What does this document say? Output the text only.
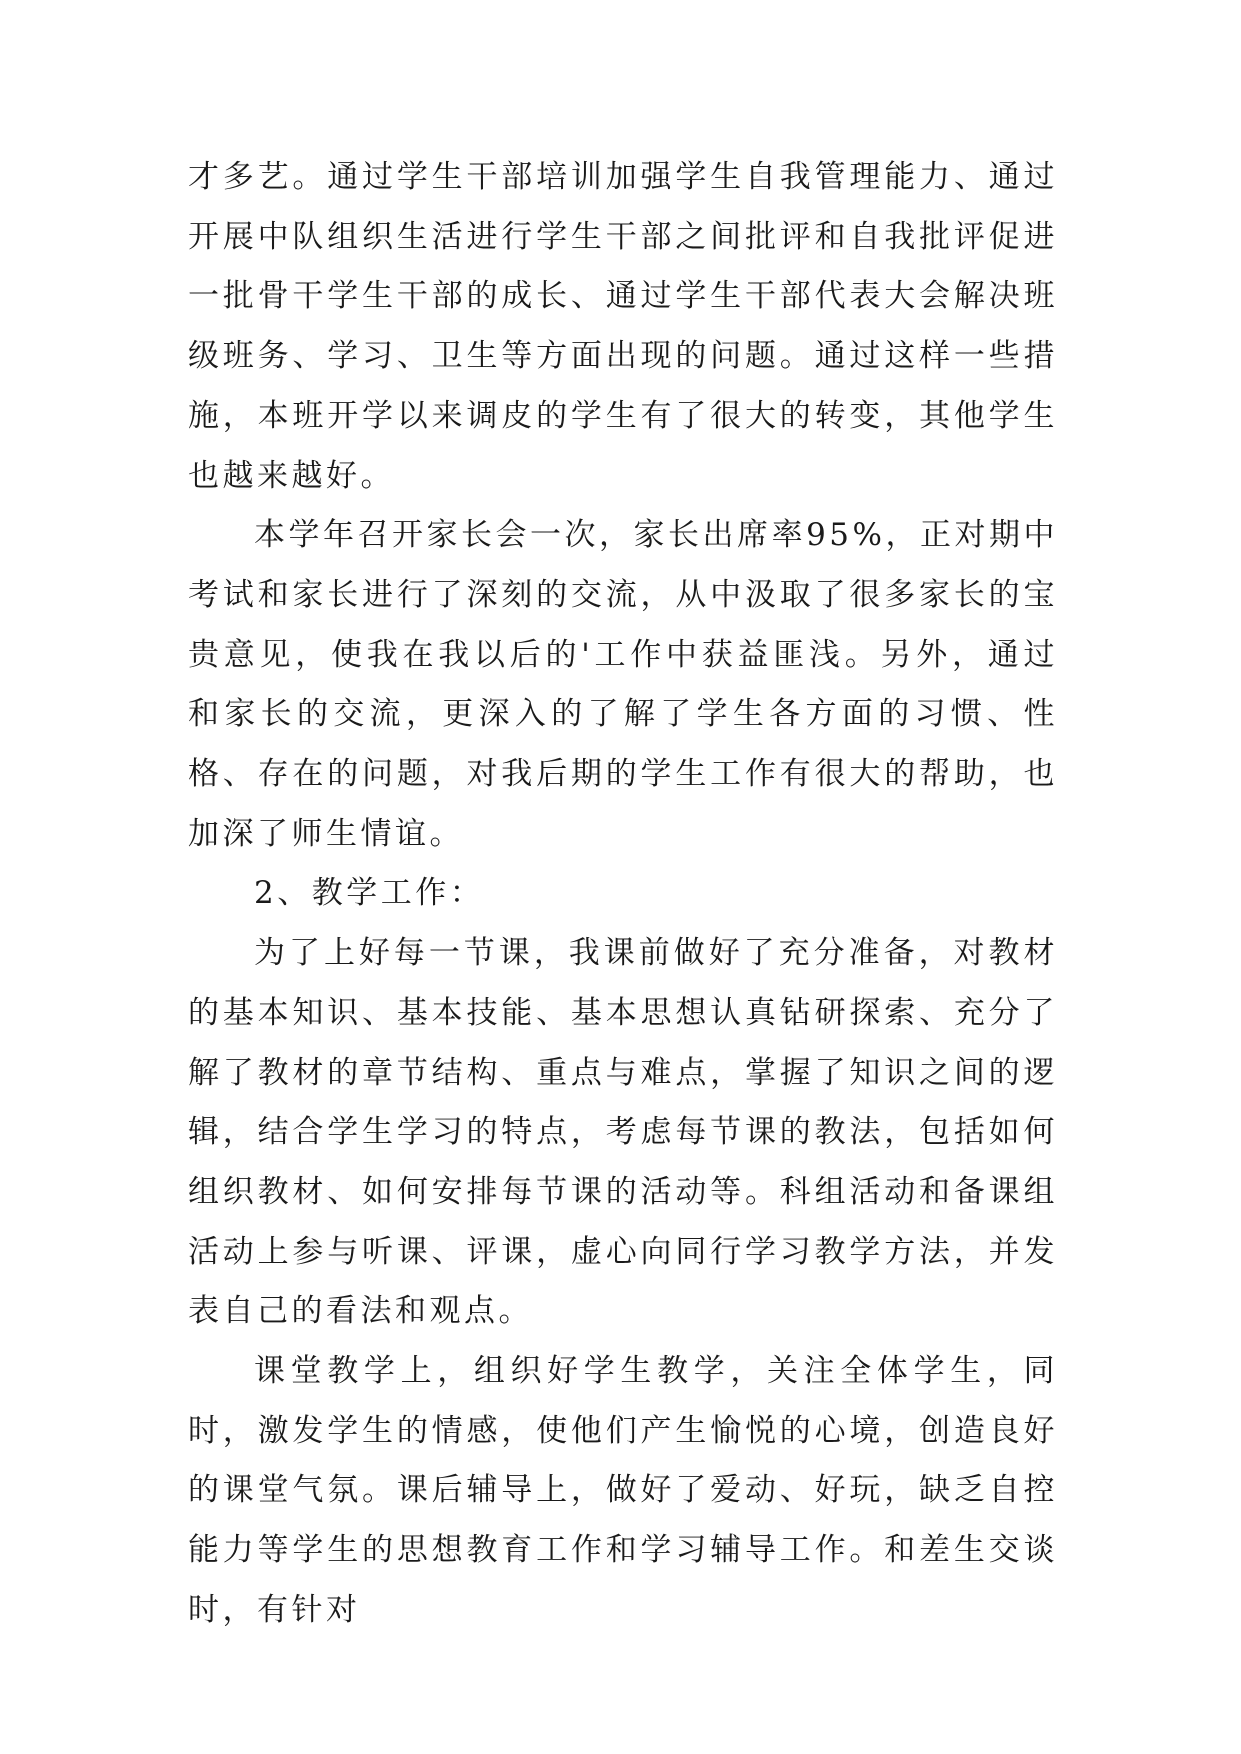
才多艺。通过学生干部培训加强学生自我管理能力、通过开展中队组织生活进行学生干部之间批评和自我批评促进一批骨干学生干部的成长、通过学生干部代表大会解决班级班务、学习、卫生等方面出现的问题。通过这样一些措施，本班开学以来调皮的学生有了很大的转变，其他学生也越来越好。

本学年召开家长会一次，家长出席率95%，正对期中考试和家长进行了深刻的交流，从中汲取了很多家长的宝贵意见，使我在我以后的'工作中获益匪浅。另外，通过和家长的交流，更深入的了解了学生各方面的习惯、性格、存在的问题，对我后期的学生工作有很大的帮助，也加深了师生情谊。

2、教学工作：

为了上好每一节课，我课前做好了充分准备，对教材的基本知识、基本技能、基本思想认真钻研探索、充分了解了教材的章节结构、重点与难点，掌握了知识之间的逻辑，结合学生学习的特点，考虑每节课的教法，包括如何组织教材、如何安排每节课的活动等。科组活动和备课组活动上参与听课、评课，虚心向同行学习教学方法，并发表自己的看法和观点。

课堂教学上，组织好学生教学，关注全体学生，同时，激发学生的情感，使他们产生愉悦的心境，创造良好的课堂气氛。课后辅导上，做好了爱动、好玩，缺乏自控能力等学生的思想教育工作和学习辅导工作。和差生交谈时，有针对
